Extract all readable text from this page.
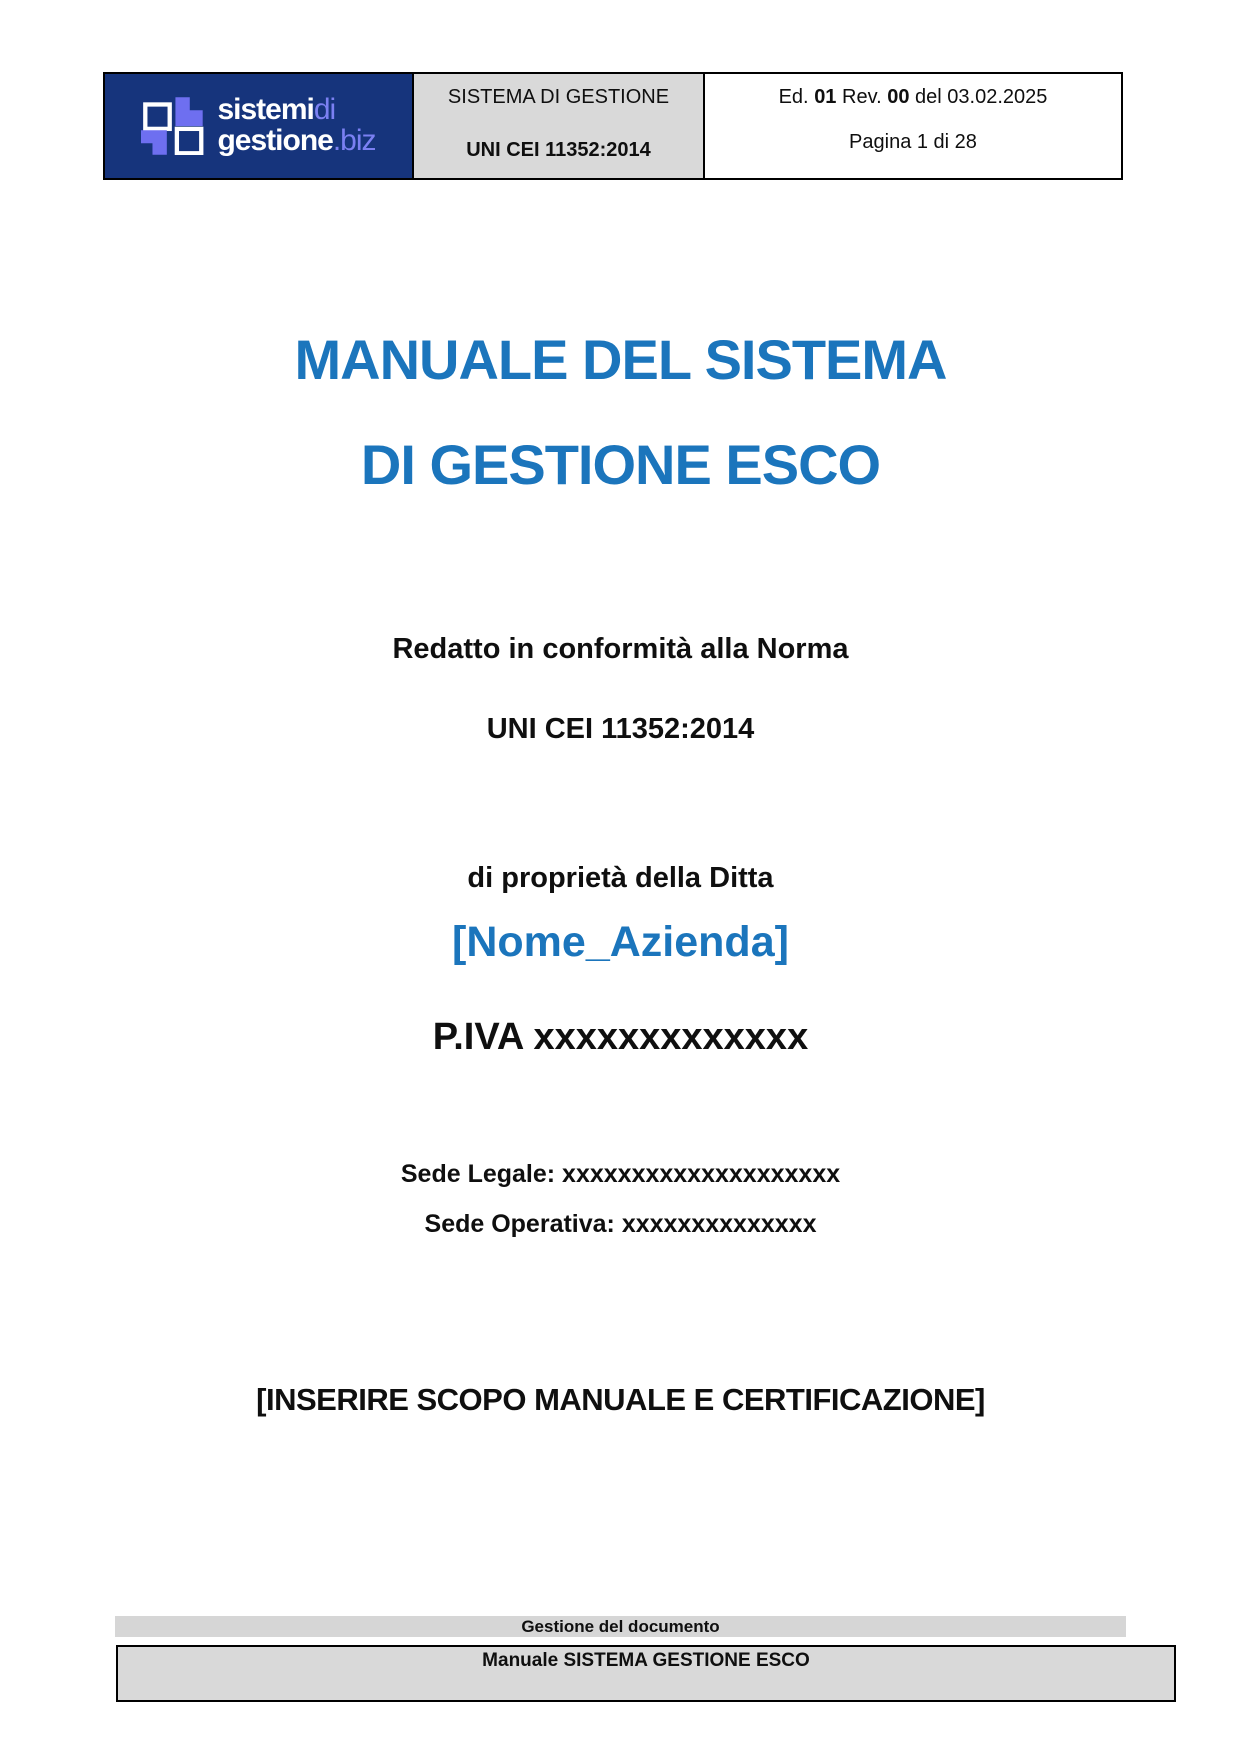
sistemidi
gestione.biz
SISTEMA DI GESTIONE
UNI CEI 11352:2014
Ed. 01 Rev. 00 del 03.02.2025
Pagina 1 di 28
MANUALE DEL SISTEMA
DI GESTIONE ESCO
Redatto in conformità alla Norma
UNI CEI 11352:2014
di proprietà della Ditta
[Nome_Azienda]
P.IVA xxxxxxxxxxxxx
Sede Legale: xxxxxxxxxxxxxxxxxxxx
Sede Operativa: xxxxxxxxxxxxxx
[INSERIRE SCOPO MANUALE E CERTIFICAZIONE]
Gestione del documento
Manuale SISTEMA GESTIONE ESCO
